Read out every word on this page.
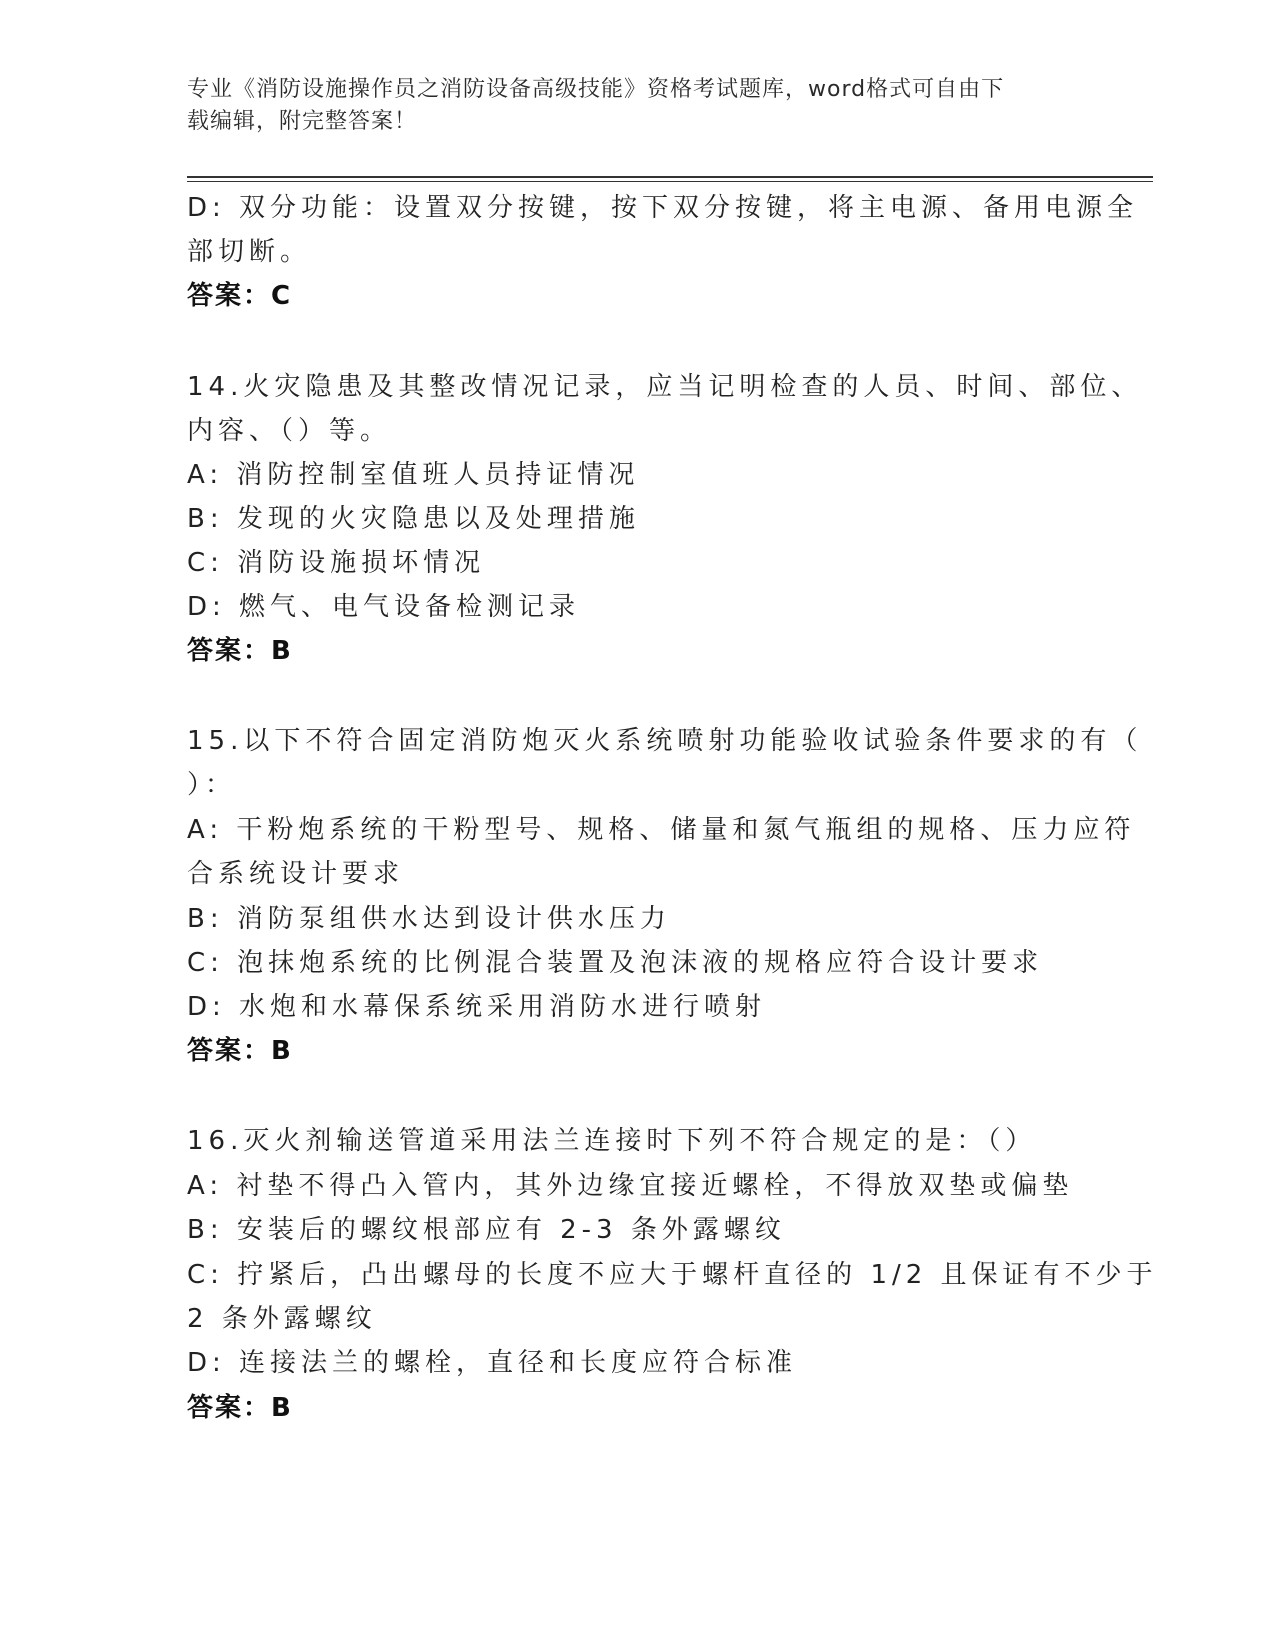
专业《消防设施操作员之消防设备高级技能》资格考试题库，word格式可自由下
载编辑，附完整答案！
D: 双分功能：设置双分按键，按下双分按键，将主电源、备用电源全
部切断。
答案：C
14.火灾隐患及其整改情况记录，应当记明检查的人员、时间、部位、
内容、（）等。
A: 消防控制室值班人员持证情况
B: 发现的火灾隐患以及处理措施
C: 消防设施损坏情况
D: 燃气、电气设备检测记录
答案：B
15.以下不符合固定消防炮灭火系统喷射功能验收试验条件要求的有（
）：
A: 干粉炮系统的干粉型号、规格、储量和氮气瓶组的规格、压力应符
合系统设计要求
B: 消防泵组供水达到设计供水压力
C: 泡抹炮系统的比例混合装置及泡沫液的规格应符合设计要求
D: 水炮和水幕保系统采用消防水进行喷射
答案：B
16.灭火剂输送管道采用法兰连接时下列不符合规定的是：（）
A: 衬垫不得凸入管内，其外边缘宜接近螺栓，不得放双垫或偏垫
B: 安装后的螺纹根部应有 2-3 条外露螺纹
C: 拧紧后，凸出螺母的长度不应大于螺杆直径的 1/2 且保证有不少于
2 条外露螺纹
D: 连接法兰的螺栓，直径和长度应符合标准
答案：B
